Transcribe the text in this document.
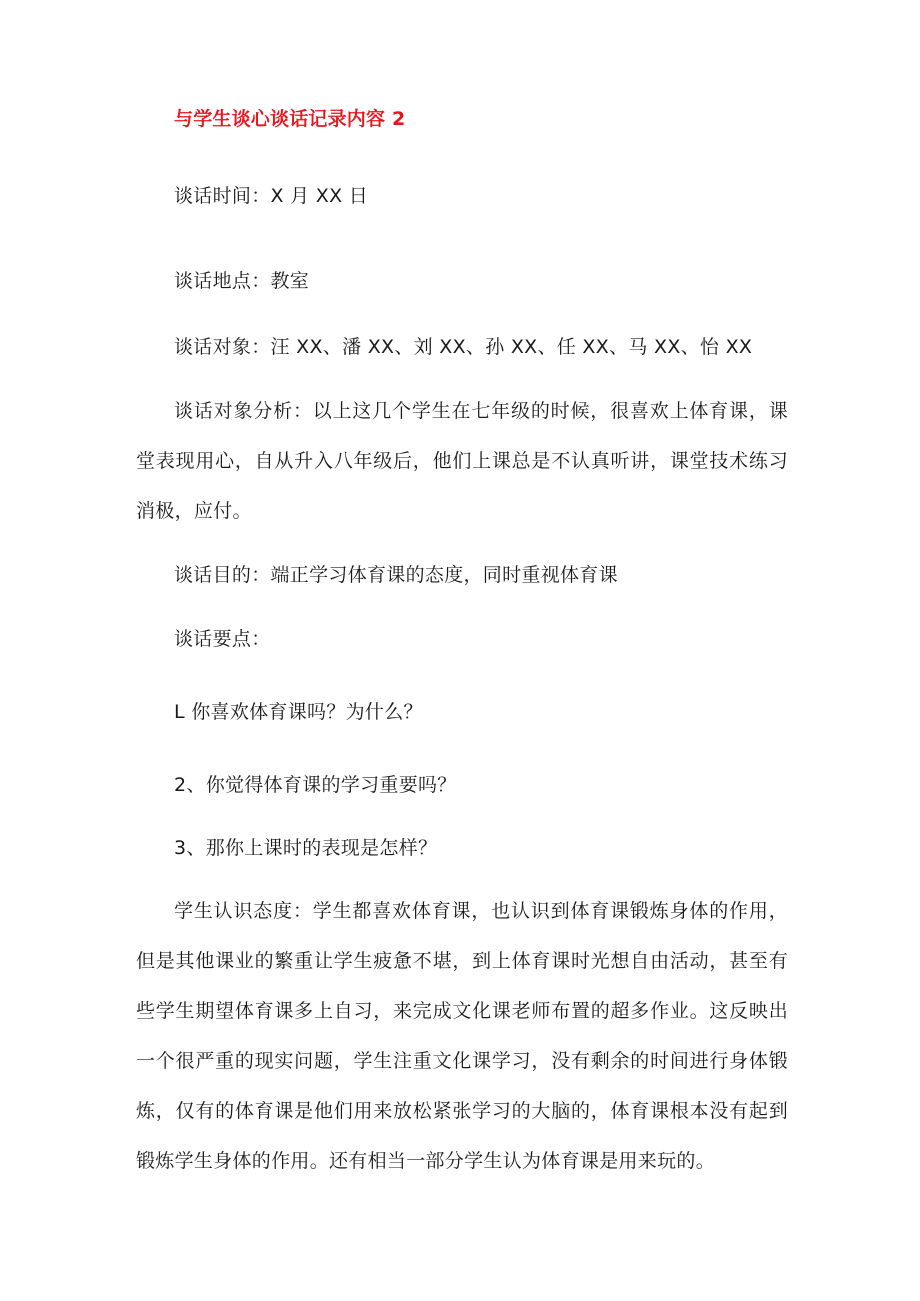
与学生谈心谈话记录内容 2
谈话时间：X 月 XX 日
谈话地点：教室
谈话对象：汪 XX、潘 XX、刘 XX、孙 XX、任 XX、马 XX、怡 XX
谈话对象分析：以上这几个学生在七年级的时候，很喜欢上体育课，课堂表现用心，自从升入八年级后，他们上课总是不认真听讲，课堂技术练习消极，应付。
谈话目的：端正学习体育课的态度，同时重视体育课
谈话要点：
L 你喜欢体育课吗？为什么？
2、你觉得体育课的学习重要吗？
3、那你上课时的表现是怎样？
学生认识态度：学生都喜欢体育课，也认识到体育课锻炼身体的作用，但是其他课业的繁重让学生疲惫不堪，到上体育课时光想自由活动，甚至有些学生期望体育课多上自习，来完成文化课老师布置的超多作业。这反映出一个很严重的现实问题，学生注重文化课学习，没有剩余的时间进行身体锻炼，仅有的体育课是他们用来放松紧张学习的大脑的，体育课根本没有起到锻炼学生身体的作用。还有相当一部分学生认为体育课是用来玩的。
